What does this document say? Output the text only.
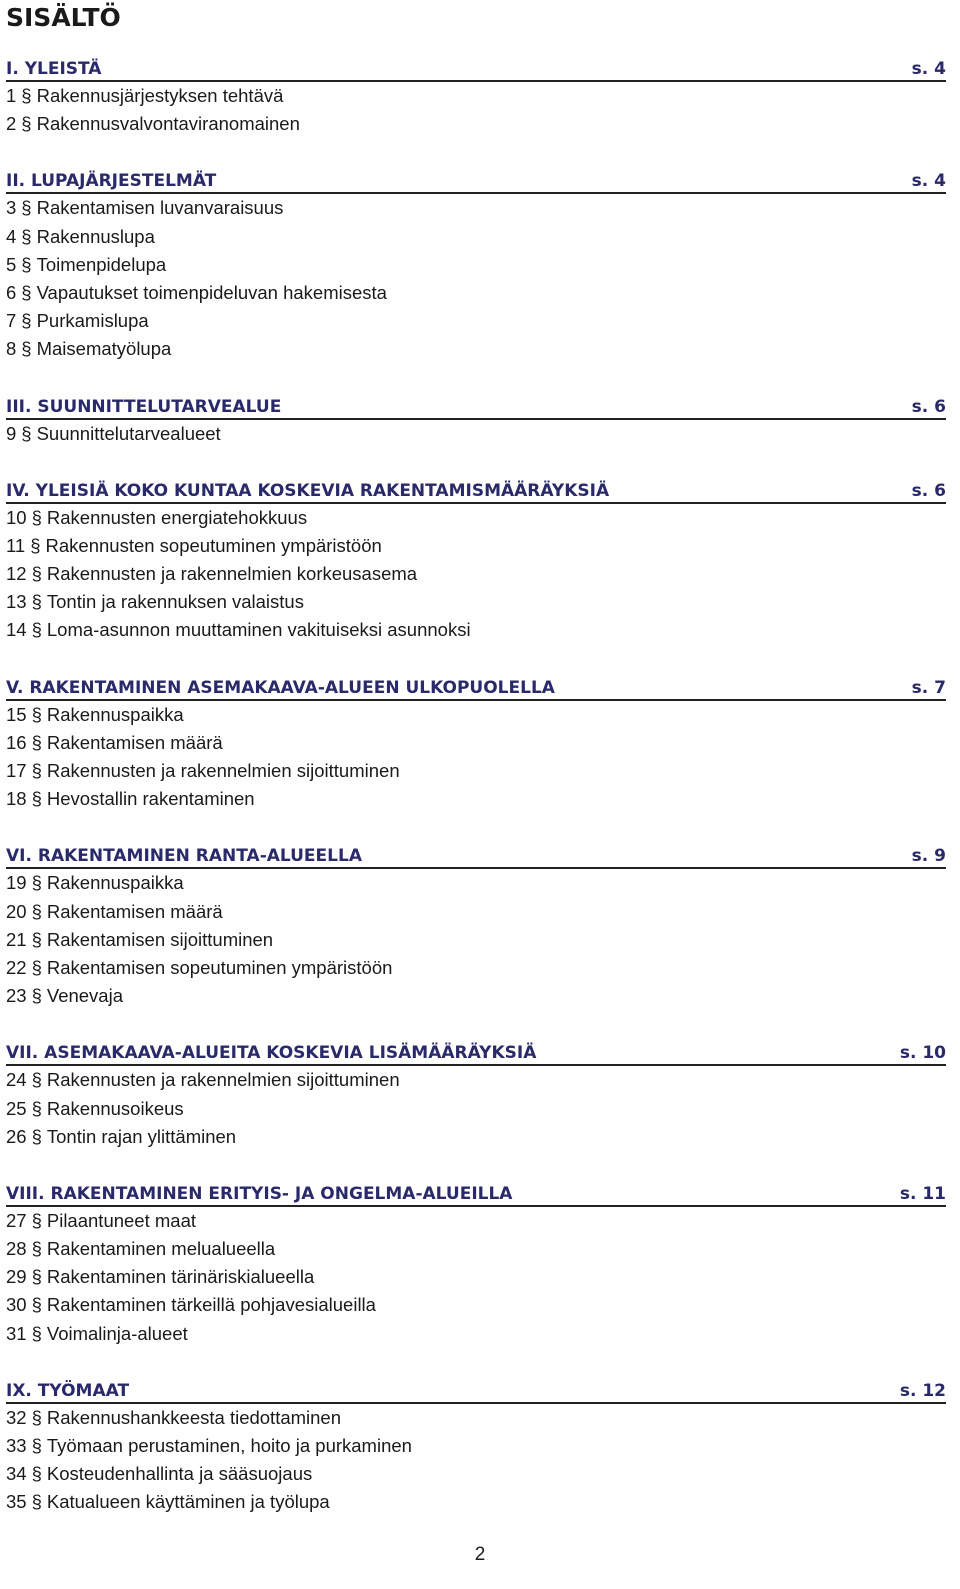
SISÄLTÖ
I. YLEISTÄ	s. 4
1 § Rakennusjärjestyksen tehtävä
2 § Rakennusvalvontaviranomainen
II. LUPAJÄRJESTELMÄT	s. 4
3 § Rakentamisen luvanvaraisuus
4 § Rakennuslupa
5 § Toimenpidelupa
6 § Vapautukset toimenpideluvan hakemisesta
7 § Purkamislupa
8 § Maisematyölupa
III. SUUNNITTELUTARVEALUE	s. 6
9 § Suunnittelutarvealueet
IV. YLEISIÄ KOKO KUNTAA KOSKEVIA RAKENTAMISMÄÄRÄYKSIÄ	s. 6
10 § Rakennusten energiatehokkuus
11 § Rakennusten sopeutuminen ympäristöön
12 § Rakennusten ja rakennelmien korkeusasema
13 § Tontin ja rakennuksen valaistus
14 § Loma-asunnon muuttaminen vakituiseksi asunnoksi
V. RAKENTAMINEN ASEMAKAAVA-ALUEEN ULKOPUOLELLA	s. 7
15 § Rakennuspaikka
16 § Rakentamisen määrä
17 § Rakennusten ja rakennelmien sijoittuminen
18 § Hevostallin rakentaminen
VI. RAKENTAMINEN RANTA-ALUEELLA	s. 9
19 § Rakennuspaikka
20 § Rakentamisen määrä
21 § Rakentamisen sijoittuminen
22 § Rakentamisen sopeutuminen ympäristöön
23 § Venevaja
VII. ASEMAKAAVA-ALUEITA KOSKEVIA LISÄMÄÄRÄYKSIÄ	s. 10
24 § Rakennusten ja rakennelmien sijoittuminen
25 § Rakennusoikeus
26 § Tontin rajan ylittäminen
VIII. RAKENTAMINEN ERITYIS- JA ONGELMA-ALUEILLA	s. 11
27 § Pilaantuneet maat
28 § Rakentaminen melualueella
29 § Rakentaminen tärinäriskialueella
30 § Rakentaminen tärkeillä pohjavesialueilla
31 § Voimalinja-alueet
IX. TYÖMAAT	s. 12
32 § Rakennushankkeesta tiedottaminen
33 § Työmaan perustaminen, hoito ja purkaminen
34 § Kosteudenhallinta ja sääsuojaus
35 § Katualueen käyttäminen ja työlupa
2
